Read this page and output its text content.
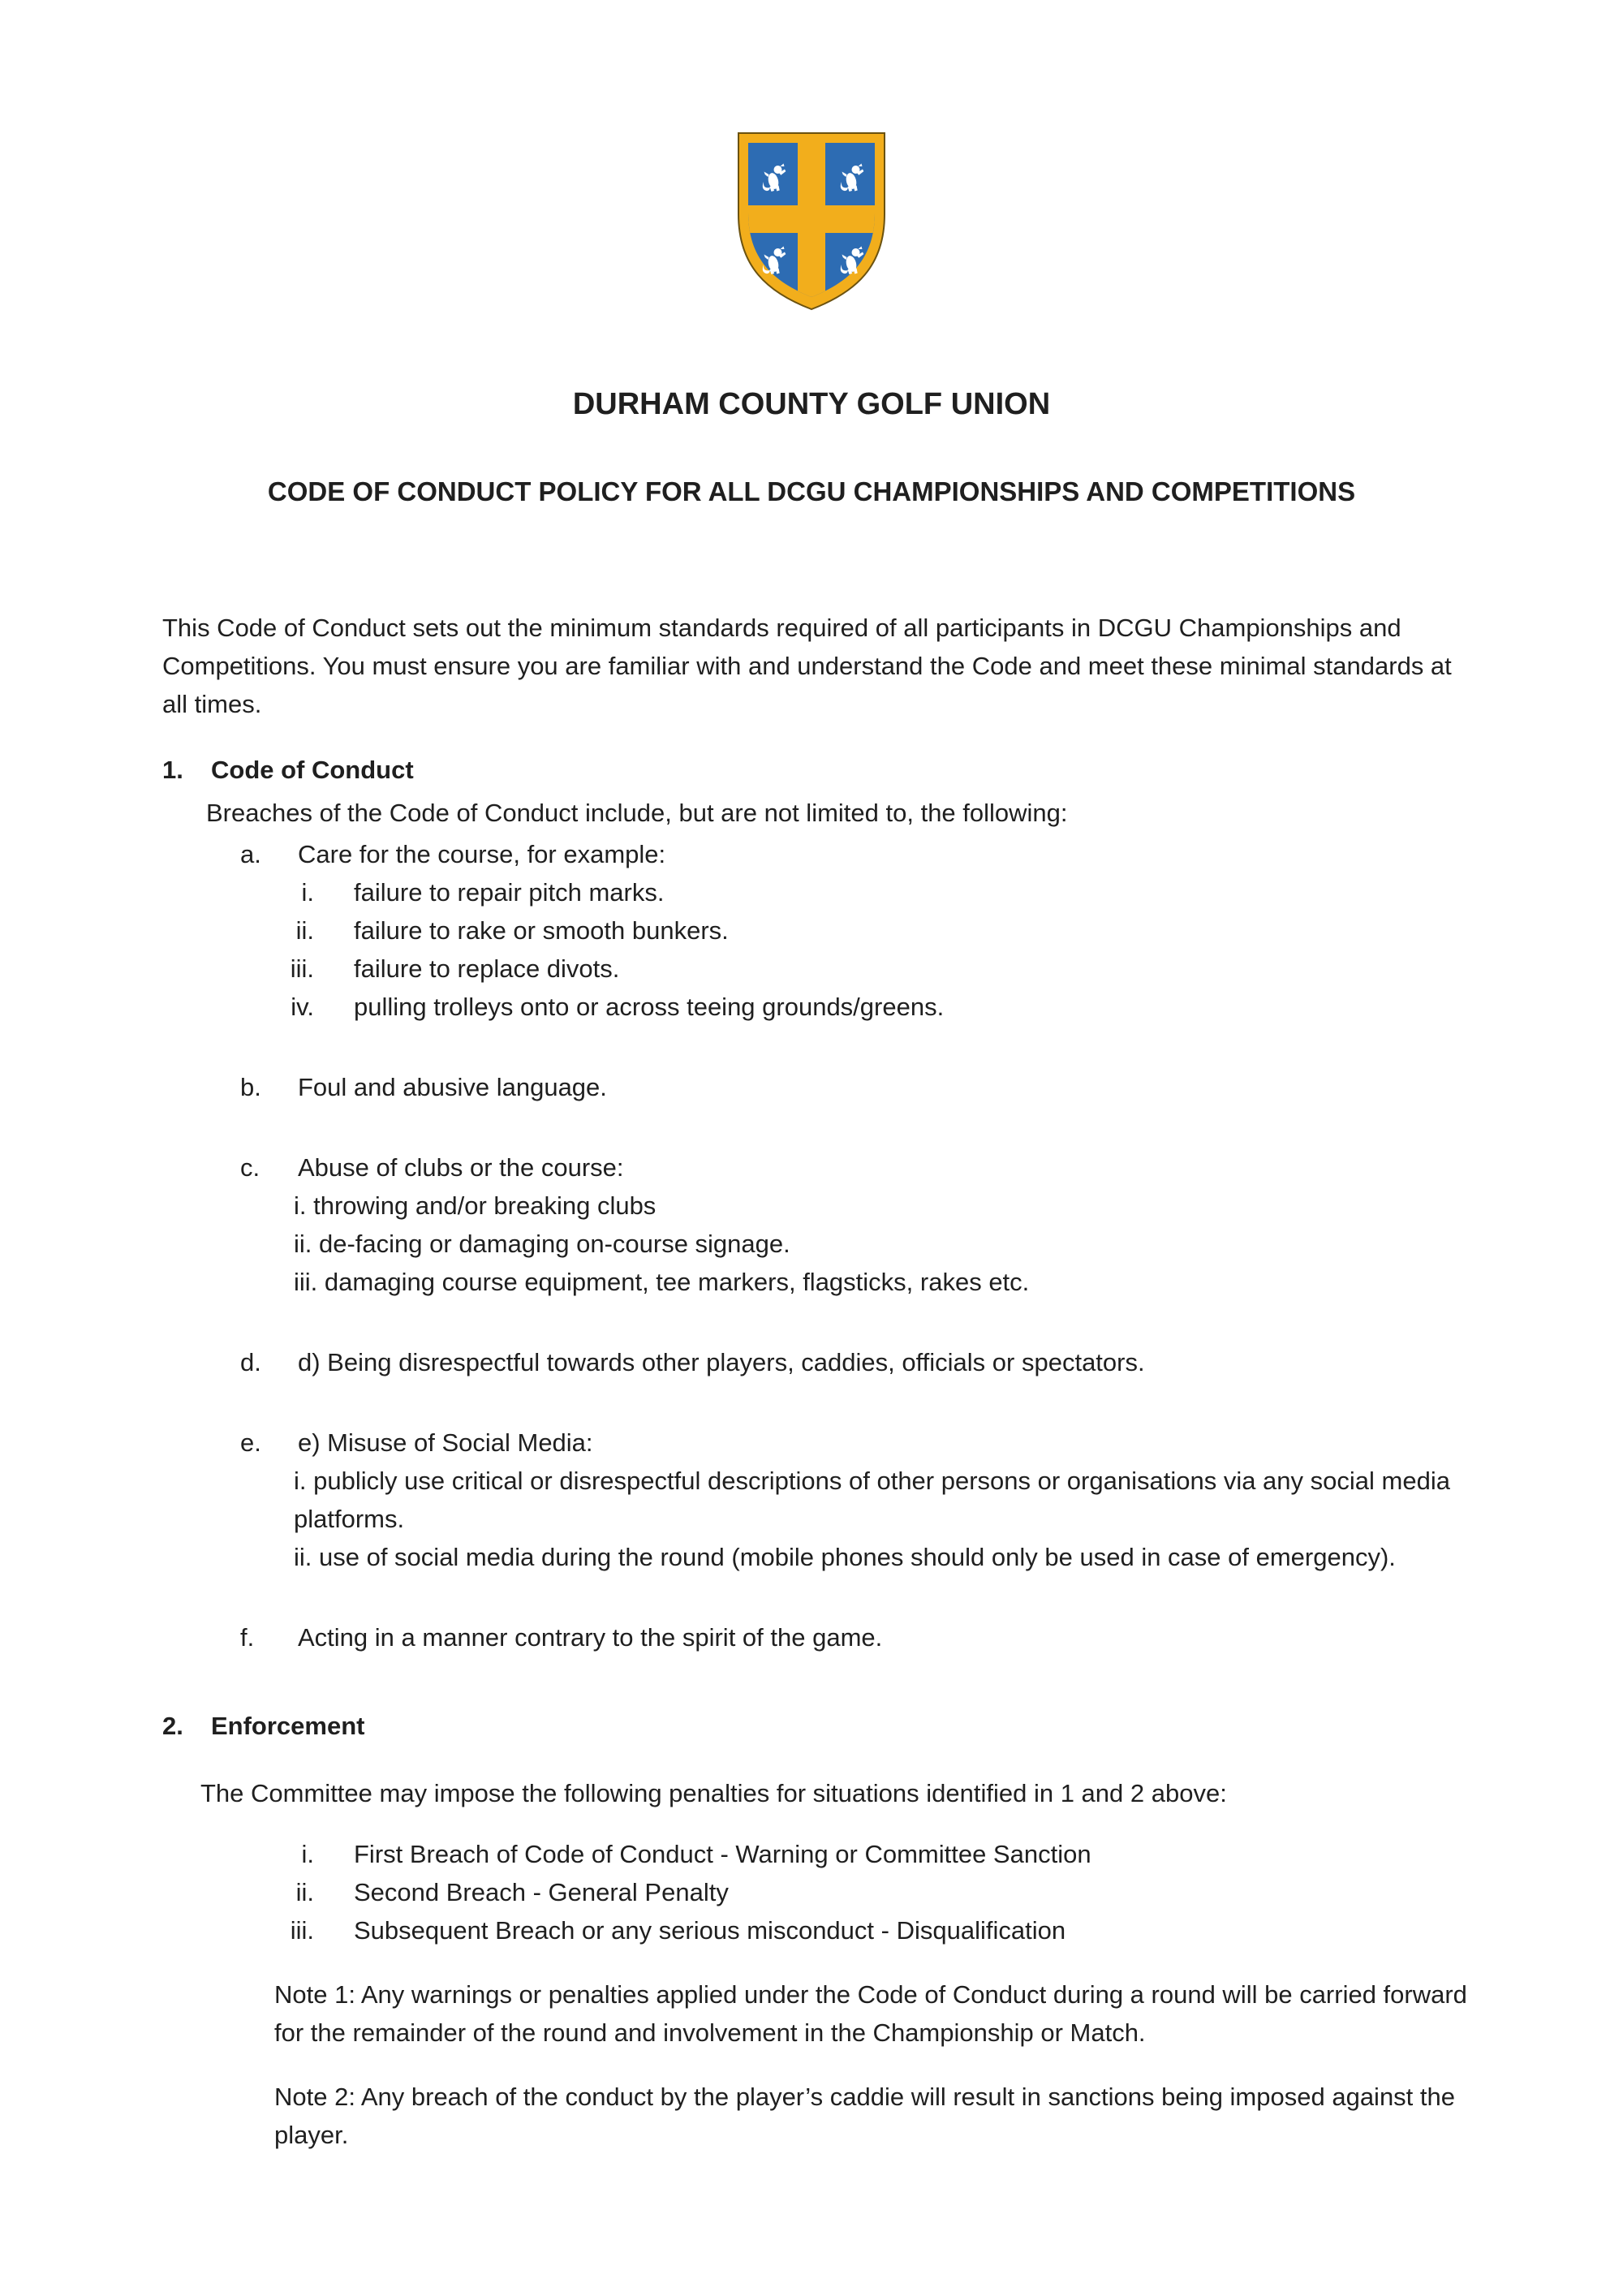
DURHAM COUNTY GOLF UNION
CODE OF CONDUCT POLICY FOR ALL DCGU CHAMPIONSHIPS AND COMPETITIONS

This Code of Conduct sets out the minimum standards required of all participants in DCGU Championships and Competitions. You must ensure you are familiar with and understand the Code and meet these minimal standards at all times.

1.	Code of Conduct

Breaches of the Code of Conduct include, but are not limited to, the following:

a.	Care for the course, for example:
i. failure to repair pitch marks.
ii. failure to rake or smooth bunkers.
iii. failure to replace divots.
iv. pulling trolleys onto or across teeing grounds/greens.
b.	Foul and abusive language.
c.	Abuse of clubs or the course:

i. throwing and/or breaking clubs

ii. de-facing or damaging on-course signage.

iii. damaging course equipment, tee markers, flagsticks, rakes etc.

d.	d) Being disrespectful towards other players, caddies, officials or spectators.
e.	e) Misuse of Social Media:

i. publicly use critical or disrespectful descriptions of other persons or organisations via any social media platforms.

ii. use of social media during the round (mobile phones should only be used in case of emergency).

f.	Acting in a manner contrary to the spirit of the game.
2.	Enforcement

The Committee may impose the following penalties for situations identified in 1 and 2 above:

i. First Breach of Code of Conduct - Warning or Committee Sanction
ii. Second Breach - General Penalty
iii. Subsequent Breach or any serious misconduct - Disqualification

Note 1: Any warnings or penalties applied under the Code of Conduct during a round will be carried forward for the remainder of the round and involvement in the Championship or Match.

Note 2: Any breach of the conduct by the player’s caddie will result in sanctions being imposed against the player.
